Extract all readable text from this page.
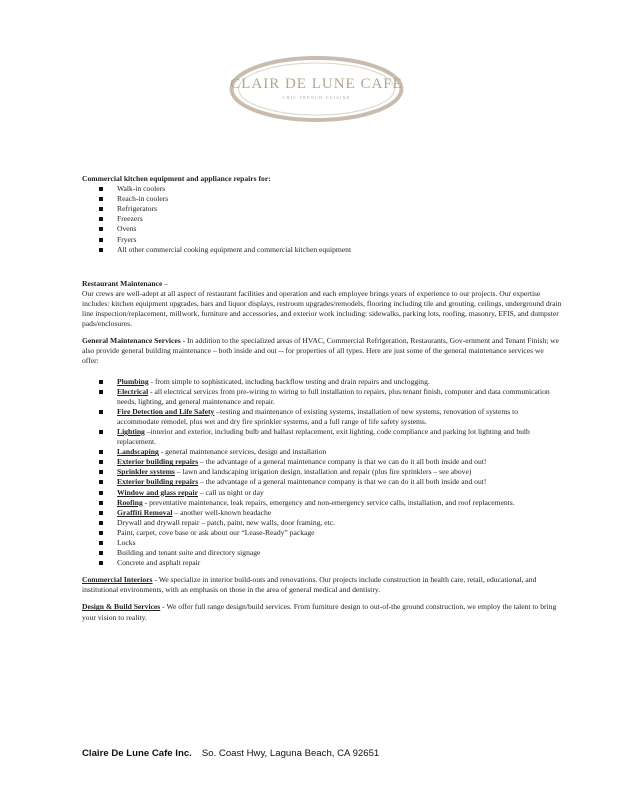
CLAIR DE LUNE CAFE
CHIC FRENCH CUISINE

Commercial kitchen equipment and appliance repairs for:

Walk-in coolers
Reach-in coolers
Refrigerators
Freezers
Ovens
Fryers
All other commercial cooking equipment and commercial kitchen equipment

Restaurant Maintenance –

Our crews are well-adept at all aspect of restaurant facilities and operation and each employee brings years of experience to our projects. Our expertise includes: kitchen equipment upgrades, bars and liquor displays, restroom upgrades/remodels, flooring including tile and grouting, ceilings, underground drain line inspection/replacement, millwork, furniture and accessories, and exterior work including: sidewalks, parking lots, roofing, masonry, EFIS, and dumpster pads/enclosures.

General Maintenance Services - In addition to the specialized areas of HVAC, Commercial Refrigeration, Restaurants, Gov-ernment and Tenant Finish; we also provide general building maintenance – both inside and out -- for properties of all types. Here are just some of the general maintenance services we offer:

Plumbing - from simple to sophisticated, including backflow testing and drain repairs and unclogging.
Electrical - all electrical services from pre-wiring to wiring to full installation to repairs, plus tenant finish, computer and data communication needs, lighting, and general maintenance and repair.
Fire Detection and Life Safety –testing and maintenance of existing systems, installation of new systems, renovation of systems to accommodate remodel, plus wet and dry fire sprinkler systems, and a full range of life safety systems.
Lighting –interior and exterior, including bulb and ballast replacement, exit lighting, code compliance and parking lot lighting and bulb replacement.
Landscaping - general maintenance services, design and installation
Exterior building repairs – the advantage of a general maintenance company is that we can do it all both inside and out!
Sprinkler systems – lawn and landscaping irrigation design, installation and repair (plus fire sprinklers – see above)
Exterior building repairs – the advantage of a general maintenance company is that we can do it all both inside and out!
Window and glass repair – call us night or day
Roofing - preventative maintenance, leak repairs, emergency and non-emergency service calls, installation, and roof replacements.
Graffiti Removal – another well-known headache
Drywall and drywall repair – patch, paint, new walls, door framing, etc.
Paint, carpet, cove base or ask about our “Lease-Ready” package
Locks
Building and tenant suite and directory signage
Concrete and asphalt repair

Commercial Interiors - We specialize in interior build-outs and renovations. Our projects include construction in health care, retail, educational, and institutional environments, with an emphasis on those in the area of general medical and dentistry.

Design & Build Services - We offer full range design/build services. From furniture design to out-of-the ground construction, we employ the talent to bring your vision to reality.

Claire De Lune Cafe Inc. So. Coast Hwy, Laguna Beach, CA 92651
